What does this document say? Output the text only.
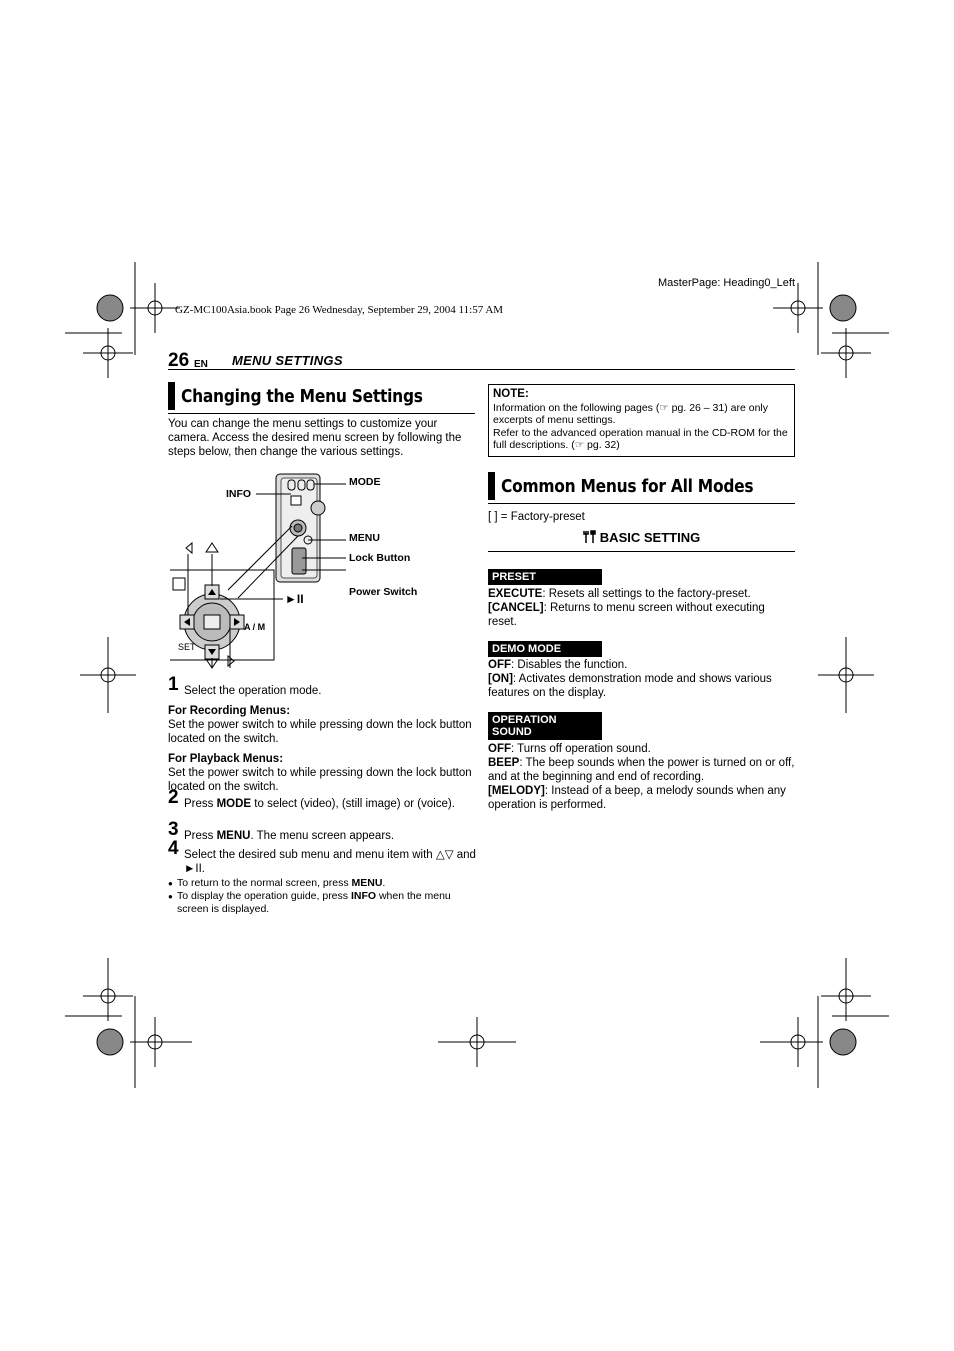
MasterPage: Heading0_Left
GZ-MC100Asia.book Page 26 Wednesday, September 29, 2004 11:57 AM
26 EN MENU SETTINGS
Changing the Menu Settings
You can change the menu settings to customize your camera. Access the desired menu screen by following the steps below, then change the various settings.
INFO
MODE
MENU
Lock Button
Power Switch
►II
SET
A / M
1 Select the operation mode.
For Recording Menus:
Set the power switch to while pressing down the lock button located on the switch.
For Playback Menus:
Set the power switch to while pressing down the lock button located on the switch.
2 Press MODE to select (video), (still image) or (voice).
3 Press MENU. The menu screen appears.
4 Select the desired sub menu and menu item with △▽ and ►II.
● To return to the normal screen, press MENU.
● To display the operation guide, press INFO when the menu screen is displayed.
NOTE:
Information on the following pages (☞ pg. 26 – 31) are only excerpts of menu settings.
Refer to the advanced operation manual in the CD-ROM for the full descriptions. (☞ pg. 32)
Common Menus for All Modes
[ ] = Factory-preset
BASIC SETTING
PRESET
EXECUTE: Resets all settings to the factory-preset.
[CANCEL]: Returns to menu screen without executing reset.
DEMO MODE
OFF: Disables the function.
[ON]: Activates demonstration mode and shows various features on the display.
OPERATION SOUND
OFF: Turns off operation sound.
BEEP: The beep sounds when the power is turned on or off, and at the beginning and end of recording.
[MELODY]: Instead of a beep, a melody sounds when any operation is performed.
